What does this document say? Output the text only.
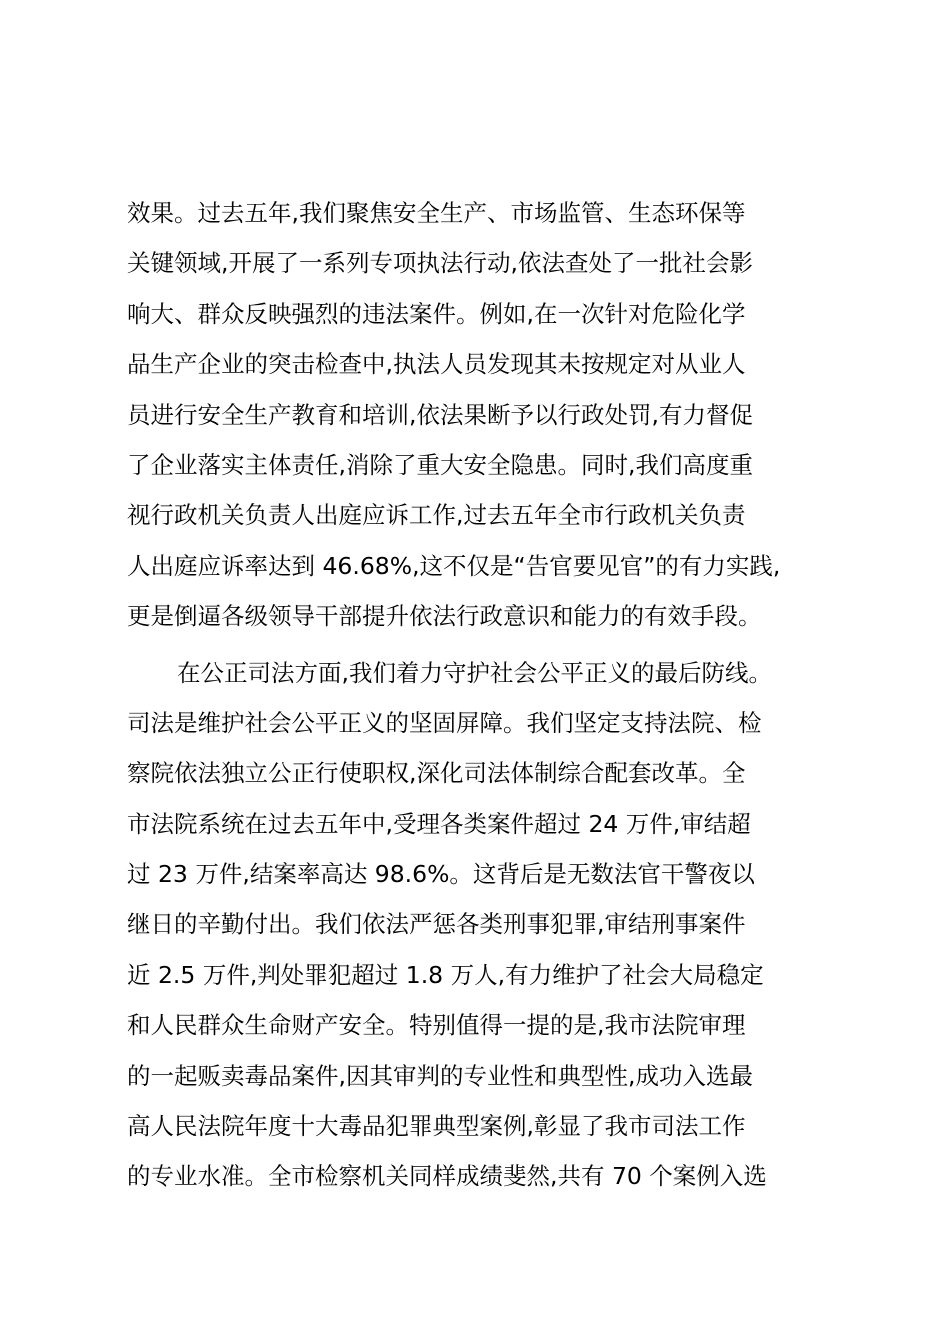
效果。过去五年,我们聚焦安全生产、市场监管、生态环保等
关键领域,开展了一系列专项执法行动,依法查处了一批社会影
响大、群众反映强烈的违法案件。例如,在一次针对危险化学
品生产企业的突击检查中,执法人员发现其未按规定对从业人
员进行安全生产教育和培训,依法果断予以行政处罚,有力督促
了企业落实主体责任,消除了重大安全隐患。同时,我们高度重
视行政机关负责人出庭应诉工作,过去五年全市行政机关负责
人出庭应诉率达到 46.68%,这不仅是“告官要见官”的有力实践,
更是倒逼各级领导干部提升依法行政意识和能力的有效手段。
在公正司法方面,我们着力守护社会公平正义的最后防线。
司法是维护社会公平正义的坚固屏障。我们坚定支持法院、检
察院依法独立公正行使职权,深化司法体制综合配套改革。全
市法院系统在过去五年中,受理各类案件超过 24 万件,审结超
过 23 万件,结案率高达 98.6%。这背后是无数法官干警夜以
继日的辛勤付出。我们依法严惩各类刑事犯罪,审结刑事案件
近 2.5 万件,判处罪犯超过 1.8 万人,有力维护了社会大局稳定
和人民群众生命财产安全。特别值得一提的是,我市法院审理
的一起贩卖毒品案件,因其审判的专业性和典型性,成功入选最
高人民法院年度十大毒品犯罪典型案例,彰显了我市司法工作
的专业水准。全市检察机关同样成绩斐然,共有 70 个案例入选
